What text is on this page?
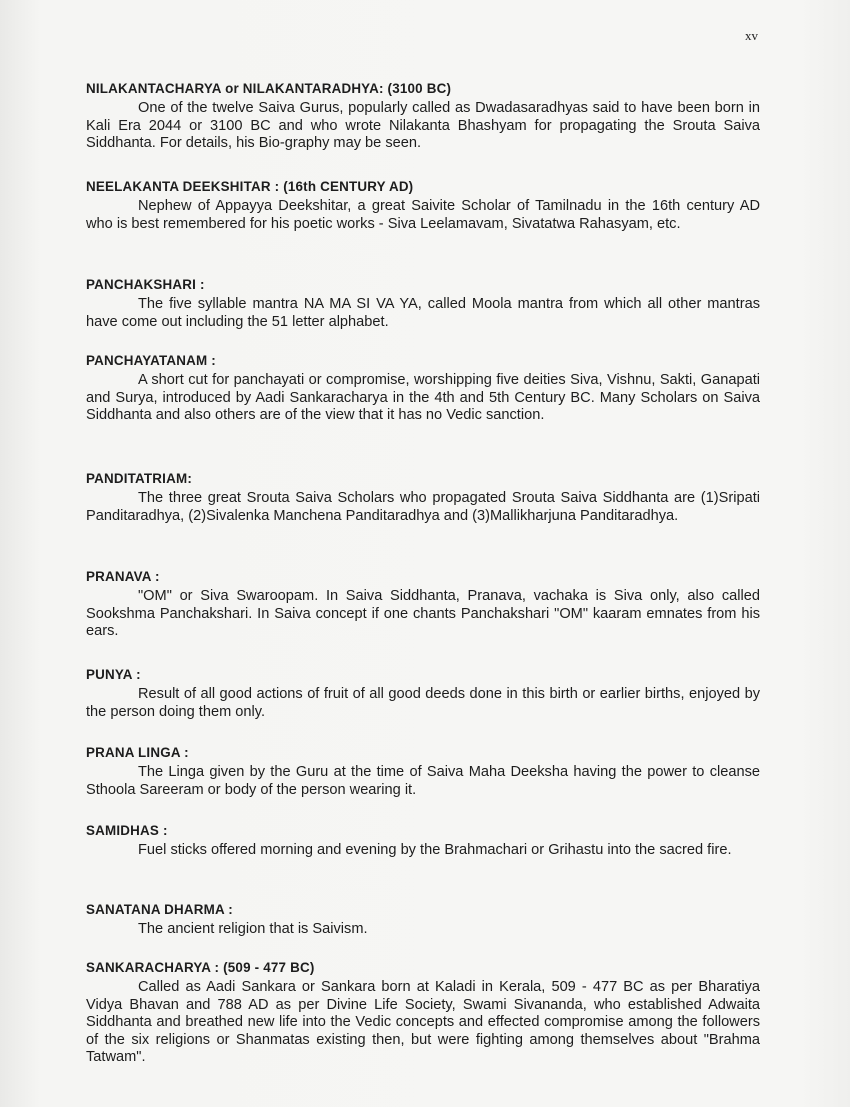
xv

NILAKANTACHARYA or NILAKANTARADHYA: (3100 BC)

One of the twelve Saiva Gurus, popularly called as Dwadasaradhyas said to have been born in Kali Era 2044 or 3100 BC and who wrote Nilakanta Bhashyam for propagating the Srouta Saiva Siddhanta. For details, his Bio-graphy may be seen.

NEELAKANTA DEEKSHITAR : (16th CENTURY AD)

Nephew of Appayya Deekshitar, a great Saivite Scholar of Tamilnadu in the 16th century AD who is best remembered for his poetic works - Siva Leelamavam, Sivatatwa Rahasyam, etc.

PANCHAKSHARI :

The five syllable mantra NA MA SI VA YA, called Moola mantra from which all other mantras have come out including the 51 letter alphabet.

PANCHAYATANAM :

A short cut for panchayati or compromise, worshipping five deities Siva, Vishnu, Sakti, Ganapati and Surya, introduced by Aadi Sankaracharya in the 4th and 5th Century BC. Many Scholars on Saiva Siddhanta and also others are of the view that it has no Vedic sanction.

PANDITATRIAM:

The three great Srouta Saiva Scholars who propagated Srouta Saiva Siddhanta are (1)Sripati Panditaradhya, (2)Sivalenka Manchena Panditaradhya and (3)Mallikharjuna Panditaradhya.

PRANAVA :

"OM" or Siva Swaroopam. In Saiva Siddhanta, Pranava, vachaka is Siva only, also called Sookshma Panchakshari. In Saiva concept if one chants Panchakshari "OM" kaaram emnates from his ears.

PUNYA :

Result of all good actions of fruit of all good deeds done in this birth or earlier births, enjoyed by the person doing them only.

PRANA LINGA :

The Linga given by the Guru at the time of Saiva Maha Deeksha having the power to cleanse Sthoola Sareeram or body of the person wearing it.

SAMIDHAS :

Fuel sticks offered morning and evening by the Brahmachari or Grihastu into the sacred fire.

SANATANA DHARMA :

The ancient religion that is Saivism.

SANKARACHARYA : (509 - 477 BC)

Called as Aadi Sankara or Sankara born at Kaladi in Kerala, 509 - 477 BC as per Bharatiya Vidya Bhavan and 788 AD as per Divine Life Society, Swami Sivananda, who established Adwaita Siddhanta and breathed new life into the Vedic concepts and effected compromise among the followers of the six religions or Shanmatas existing then, but were fighting among themselves about "Brahma Tatwam".
